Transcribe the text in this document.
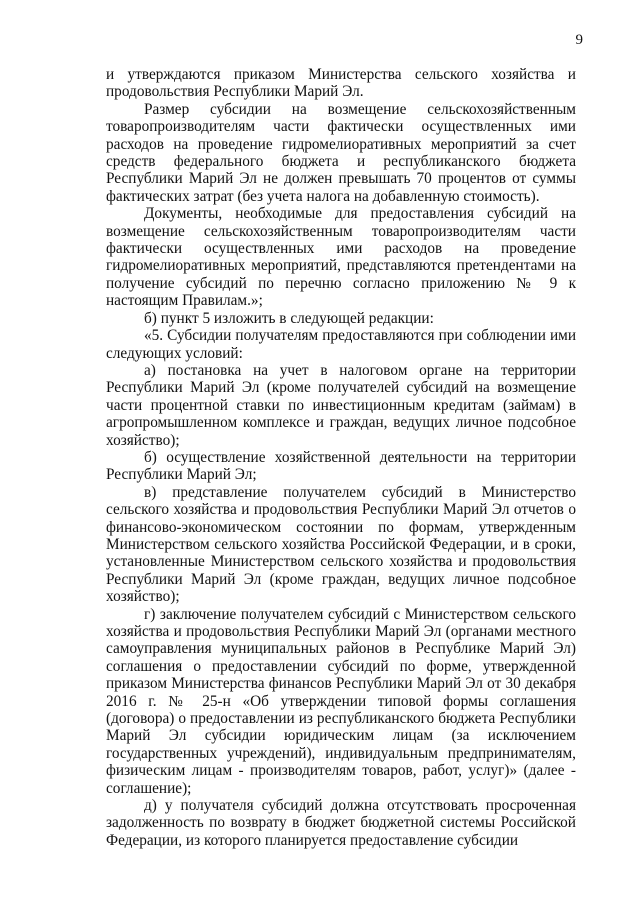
9

и утверждаются приказом Министерства сельского хозяйства и продовольствия Республики Марий Эл.

Размер субсидии на возмещение сельскохозяйственным товаропроизводителям части фактически осуществленных ими расходов на проведение гидромелиоративных мероприятий за счет средств федерального бюджета и республиканского бюджета Республики Марий Эл не должен превышать 70 процентов от суммы фактических затрат (без учета налога на добавленную стоимость).

Документы, необходимые для предоставления субсидий на возмещение сельскохозяйственным товаропроизводителям части фактически осуществленных ими расходов на проведение гидромелиоративных мероприятий, представляются претендентами на получение субсидий по перечню согласно приложению № 9 к настоящим Правилам.»;

б) пункт 5 изложить в следующей редакции:

«5. Субсидии получателям предоставляются при соблюдении ими следующих условий:

а) постановка на учет в налоговом органе на территории Республики Марий Эл (кроме получателей субсидий на возмещение части процентной ставки по инвестиционным кредитам (займам) в агропромышленном комплексе и граждан, ведущих личное подсобное хозяйство);

б) осуществление хозяйственной деятельности на территории Республики Марий Эл;

в) представление получателем субсидий в Министерство сельского хозяйства и продовольствия Республики Марий Эл отчетов о финансово-экономическом состоянии по формам, утвержденным Министерством сельского хозяйства Российской Федерации, и в сроки, установленные Министерством сельского хозяйства и продовольствия Республики Марий Эл (кроме граждан, ведущих личное подсобное хозяйство);

г) заключение получателем субсидий с Министерством сельского хозяйства и продовольствия Республики Марий Эл (органами местного самоуправления муниципальных районов в Республике Марий Эл) соглашения о предоставлении субсидий по форме, утвержденной приказом Министерства финансов Республики Марий Эл от 30 декабря 2016 г. № 25-н «Об утверждении типовой формы соглашения (договора) о предоставлении из республиканского бюджета Республики Марий Эл субсидии юридическим лицам (за исключением государственных учреждений), индивидуальным предпринимателям, физическим лицам - производителям товаров, работ, услуг)» (далее - соглашение);

д) у получателя субсидий должна отсутствовать просроченная задолженность по возврату в бюджет бюджетной системы Российской Федерации, из которого планируется предоставление субсидии
